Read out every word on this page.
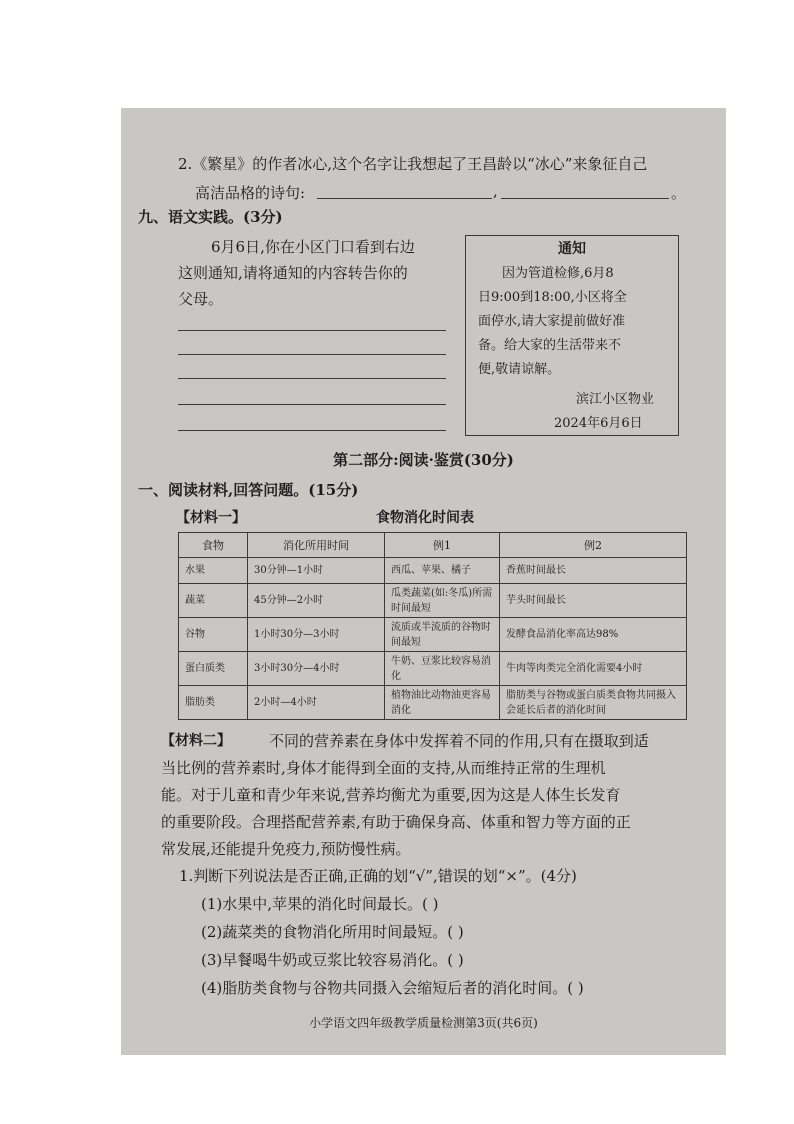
2.《繁星》的作者冰心,这个名字让我想起了王昌龄以“冰心”来象征自己
高洁品格的诗句:	,	。
九、语文实践。(3分)
6月6日,你在小区门口看到右边
这则通知,请将通知的内容转告你的
父母。
通知
因为管道检修,6月8
日9:00到18:00,小区将全
面停水,请大家提前做好准
备。给大家的生活带来不
便,敬请谅解。
滨江小区物业
2024年6月6日
第二部分:阅读·鉴赏(30分)
一、阅读材料,回答问题。(15分)
【材料一】	食物消化时间表
食物	消化所用时间	例1	例2
水果	30分钟—1小时	西瓜、苹果、橘子	香蕉时间最长
蔬菜	45分钟—2小时	瓜类蔬菜(如:冬瓜)所需时间最短	芋头时间最长
谷物	1小时30分—3小时	流质或半流质的谷物时间最短	发酵食品消化率高达98%
蛋白质类	3小时30分—4小时	牛奶、豆浆比较容易消化	牛肉等肉类完全消化需要4小时
脂肪类	2小时—4小时	植物油比动物油更容易消化	脂肪类与谷物或蛋白质类食物共同摄入会延长后者的消化时间
【材料二】	不同的营养素在身体中发挥着不同的作用,只有在摄取到适
当比例的营养素时,身体才能得到全面的支持,从而维持正常的生理机
能。对于儿童和青少年来说,营养均衡尤为重要,因为这是人体生长发育
的重要阶段。合理搭配营养素,有助于确保身高、体重和智力等方面的正
常发展,还能提升免疫力,预防慢性病。
1.判断下列说法是否正确,正确的划“√”,错误的划“×”。(4分)
(1)水果中,苹果的消化时间最长。( )
(2)蔬菜类的食物消化所用时间最短。( )
(3)早餐喝牛奶或豆浆比较容易消化。( )
(4)脂肪类食物与谷物共同摄入会缩短后者的消化时间。( )
小学语文四年级教学质量检测第3页(共6页)
